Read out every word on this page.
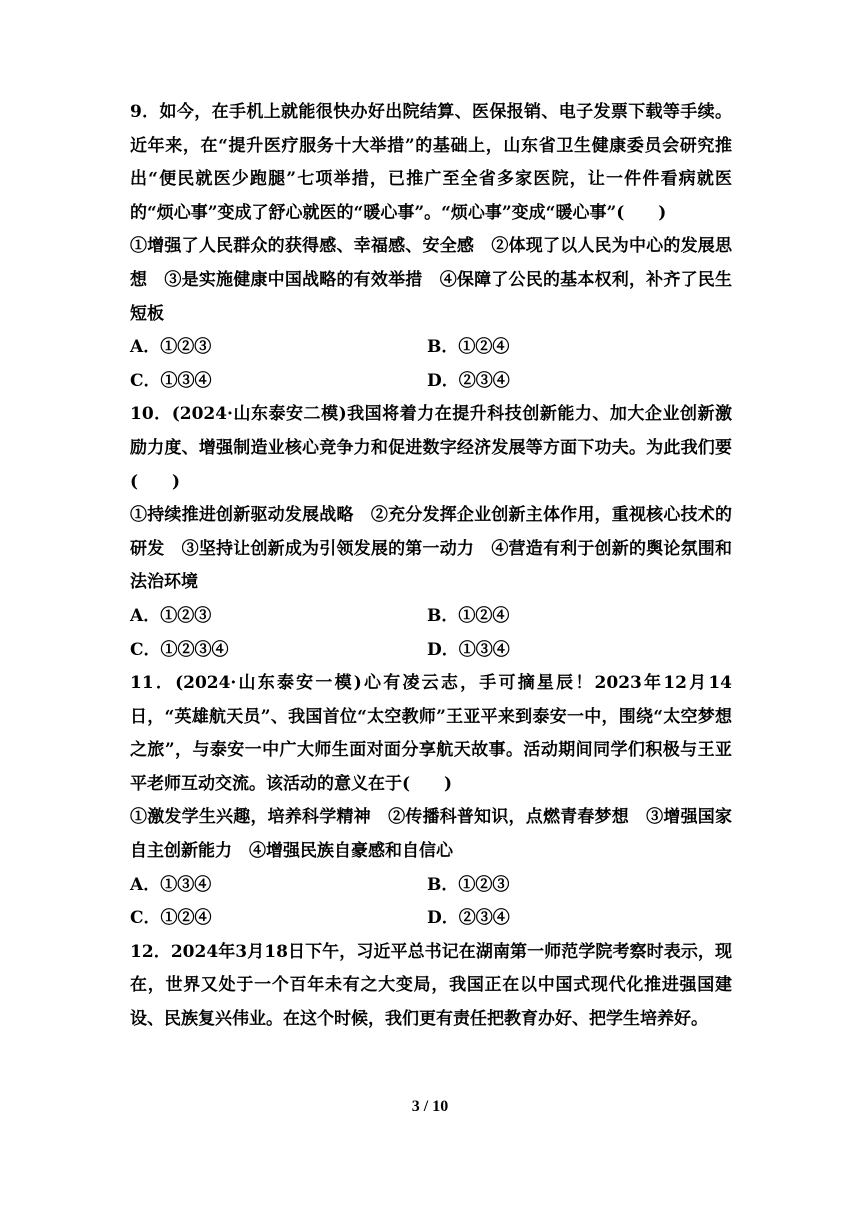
9．如今，在手机上就能很快办好出院结算、医保报销、电子发票下载等手续。近年来，在“提升医疗服务十大举措”的基础上，山东省卫生健康委员会研究推出“便民就医少跑腿”七项举措，已推广至全省多家医院，让一件件看病就医的“烦心事”变成了舒心就医的“暖心事”。“烦心事”变成“暖心事”(　　)

①增强了人民群众的获得感、幸福感、安全感　②体现了以人民为中心的发展思想　③是实施健康中国战略的有效举措　④保障了公民的基本权利，补齐了民生短板

A．①②③	B．①②④
C．①③④	D．②③④

10．(2024·山东泰安二模)我国将着力在提升科技创新能力、加大企业创新激励力度、增强制造业核心竞争力和促进数字经济发展等方面下功夫。为此我们要(　　)

①持续推进创新驱动发展战略　②充分发挥企业创新主体作用，重视核心技术的研发　③坚持让创新成为引领发展的第一动力　④营造有利于创新的舆论氛围和法治环境

A．①②③	B．①②④
C．①②③④	D．①③④

11．(2024·山东泰安一模)心有凌云志，手可摘星辰！2023年12月14日，“英雄航天员”、我国首位“太空教师”王亚平来到泰安一中，围绕“太空梦想之旅”，与泰安一中广大师生面对面分享航天故事。活动期间同学们积极与王亚平老师互动交流。该活动的意义在于(　　)

①激发学生兴趣，培养科学精神　②传播科普知识，点燃青春梦想　③增强国家自主创新能力　④增强民族自豪感和自信心

A．①③④	B．①②③
C．①②④	D．②③④

12．2024年3月18日下午，习近平总书记在湖南第一师范学院考察时表示，现在，世界又处于一个百年未有之大变局，我国正在以中国式现代化推进强国建设、民族复兴伟业。在这个时候，我们更有责任把教育办好、把学生培养好。

3 / 10
